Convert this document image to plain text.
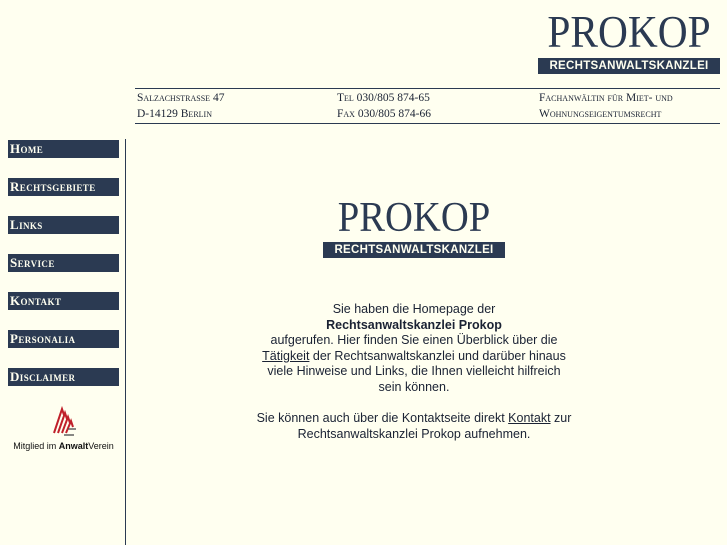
PROKOP
RECHTSANWALTSKANZLEI
Salzachstrasse 47
D-14129 Berlin
Tel 030/805 874-65
Fax 030/805 874-66
Fachanwältin für Miet- und
Wohnungseigentumsrecht
Home
Rechtsgebiete
Links
Service
Kontakt
Personalia
Disclaimer
Mitglied im AnwaltVerein
PROKOP
RECHTSANWALTSKANZLEI

Sie haben die Homepage der
Rechtsanwaltskanzlei Prokop
aufgerufen. Hier finden Sie einen Überblick über die
Tätigkeit der Rechtsanwaltskanzlei und darüber hinaus
viele Hinweise und Links, die Ihnen vielleicht hilfreich
sein können.

Sie können auch über die Kontaktseite direkt Kontakt zur
Rechtsanwaltskanzlei Prokop aufnehmen.
